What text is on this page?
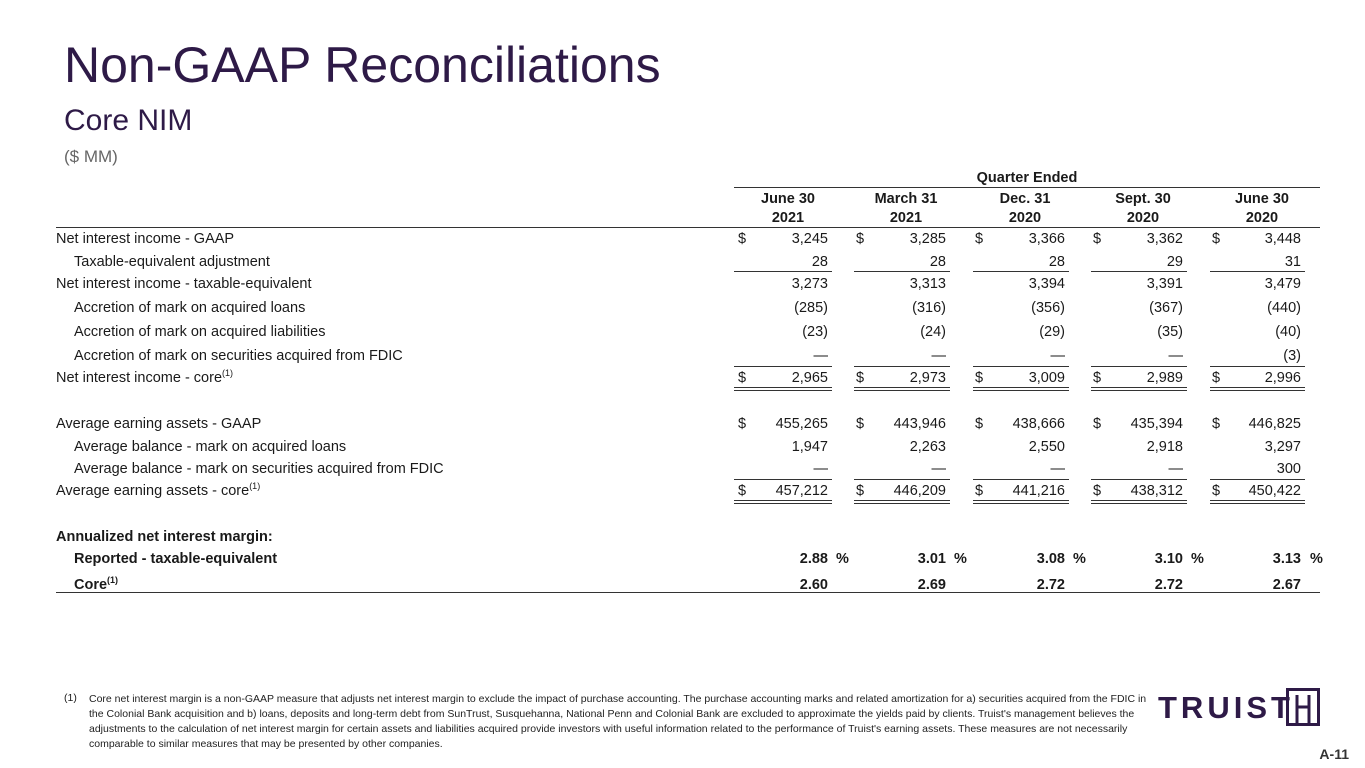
Non-GAAP Reconciliations
Core NIM
($ MM)
Quarter Ended
June 30
2021
March 31
2021
Dec. 31
2020
Sept. 30
2020
June 30
2020
Net interest income - GAAP	$	3,245 $	3,285 $	3,366 $	3,362 $	3,448
Taxable-equivalent adjustment	28	28	28	29	31
Net interest income - taxable-equivalent	3,273	3,313	3,394	3,391	3,479
Accretion of mark on acquired loans	(285)	(316)	(356)	(367)	(440)
Accretion of mark on acquired liabilities	(23)	(24)	(29)	(35)	(40)
Accretion of mark on securities acquired from FDIC	—	—	—	—	(3)
Net interest income - core$^{(1)}$	$	2,965 $	2,973 $	3,009 $	2,989 $	2,996
Average earning assets - GAAP	$	455,265 $	443,946 $	438,666 $	435,394 $	446,825
Average balance - mark on acquired loans	1,947	2,263	2,550	2,918	3,297
Average balance - mark on securities acquired from FDIC	—	—	—	—	300
Average earning assets - core$^{(1)}$	$	457,212 $	446,209 $	441,216 $	438,312 $	450,422
Annualized net interest margin:
Reported - taxable-equivalent	2.88 %	3.01 %	3.08 %	3.10 %	3.13 %
Core$^{(1)}$	2.60	2.69	2.72	2.72	2.67
(1) Core net interest margin is a non-GAAP measure that adjusts net interest margin to exclude the impact of purchase accounting. The purchase accounting marks and related amortization for a) securities acquired from the FDIC in the Colonial Bank acquisition and b) loans, deposits and long-term debt from SunTrust, Susquehanna, National Penn and Colonial Bank are excluded to approximate the yields paid by clients. Truist's management believes the adjustments to the calculation of net interest margin for certain assets and liabilities acquired provide investors with useful information related to the performance of Truist's earning assets. These measures are not necessarily comparable to similar measures that may be presented by other companies.
TRUIST
A-11
